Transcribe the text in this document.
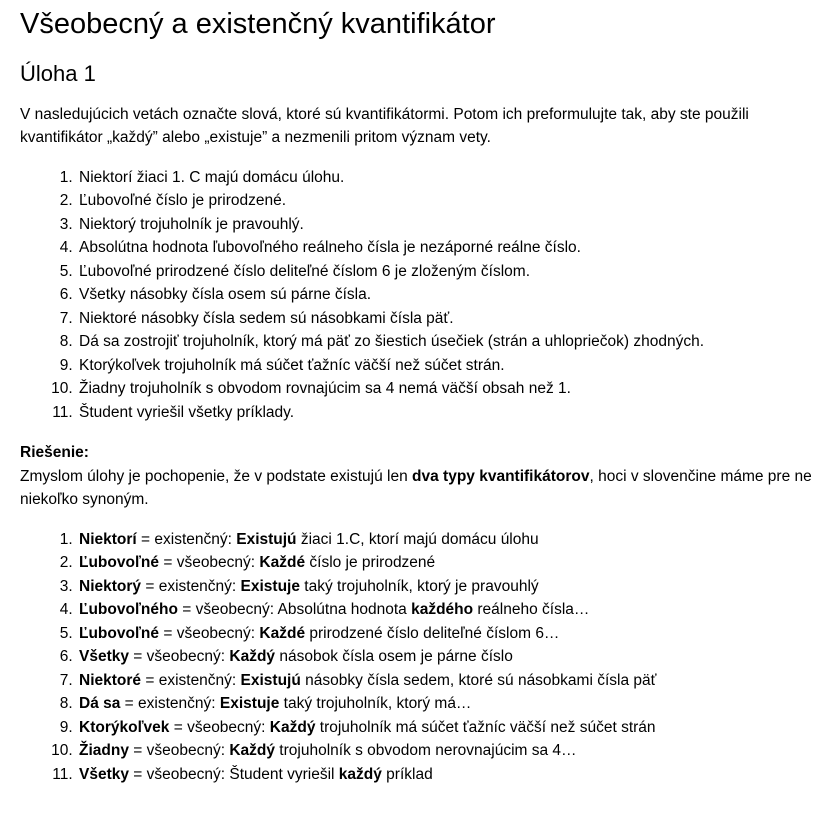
Všeobecný a existenčný kvantifikátor
Úloha 1

V nasledujúcich vetách označte slová, ktoré sú kvantifikátormi. Potom ich preformulujte tak, aby ste použili kvantifikátor „každý” alebo „existuje” a nezmenili pritom význam vety.

1. Niektorí žiaci 1. C majú domácu úlohu.
2. Ľubovoľné číslo je prirodzené.
3. Niektorý trojuholník je pravouhlý.
4. Absolútna hodnota ľubovoľného reálneho čísla je nezáporné reálne číslo.
5. Ľubovoľné prirodzené číslo deliteľné číslom 6 je zloženým číslom.
6. Všetky násobky čísla osem sú párne čísla.
7. Niektoré násobky čísla sedem sú násobkami čísla päť.
8. Dá sa zostrojiť trojuholník, ktorý má päť zo šiestich úsečiek (strán a uhlopriečok) zhodných.
9. Ktorýkoľvek trojuholník má súčet ťažníc väčší než súčet strán.
10. Žiadny trojuholník s obvodom rovnajúcim sa 4 nemá väčší obsah než 1.
11. Študent vyriešil všetky príklady.

Riešenie:

Zmyslom úlohy je pochopenie, že v podstate existujú len dva typy kvantifikátorov, hoci v slovenčine máme pre ne niekoľko synoným.

1. Niektorí = existenčný: Existujú žiaci 1.C, ktorí majú domácu úlohu
2. Ľubovoľné = všeobecný: Každé číslo je prirodzené
3. Niektorý = existenčný: Existuje taký trojuholník, ktorý je pravouhlý
4. Ľubovoľného = všeobecný: Absolútna hodnota každého reálneho čísla…
5. Ľubovoľné = všeobecný: Každé prirodzené číslo deliteľné číslom 6…
6. Všetky = všeobecný: Každý násobok čísla osem je párne číslo
7. Niektoré = existenčný: Existujú násobky čísla sedem, ktoré sú násobkami čísla päť
8. Dá sa = existenčný: Existuje taký trojuholník, ktorý má…
9. Ktorýkoľvek = všeobecný: Každý trojuholník má súčet ťažníc väčší než súčet strán
10. Žiadny = všeobecný: Každý trojuholník s obvodom nerovnajúcim sa 4…
11. Všetky = všeobecný: Študent vyriešil každý príklad
